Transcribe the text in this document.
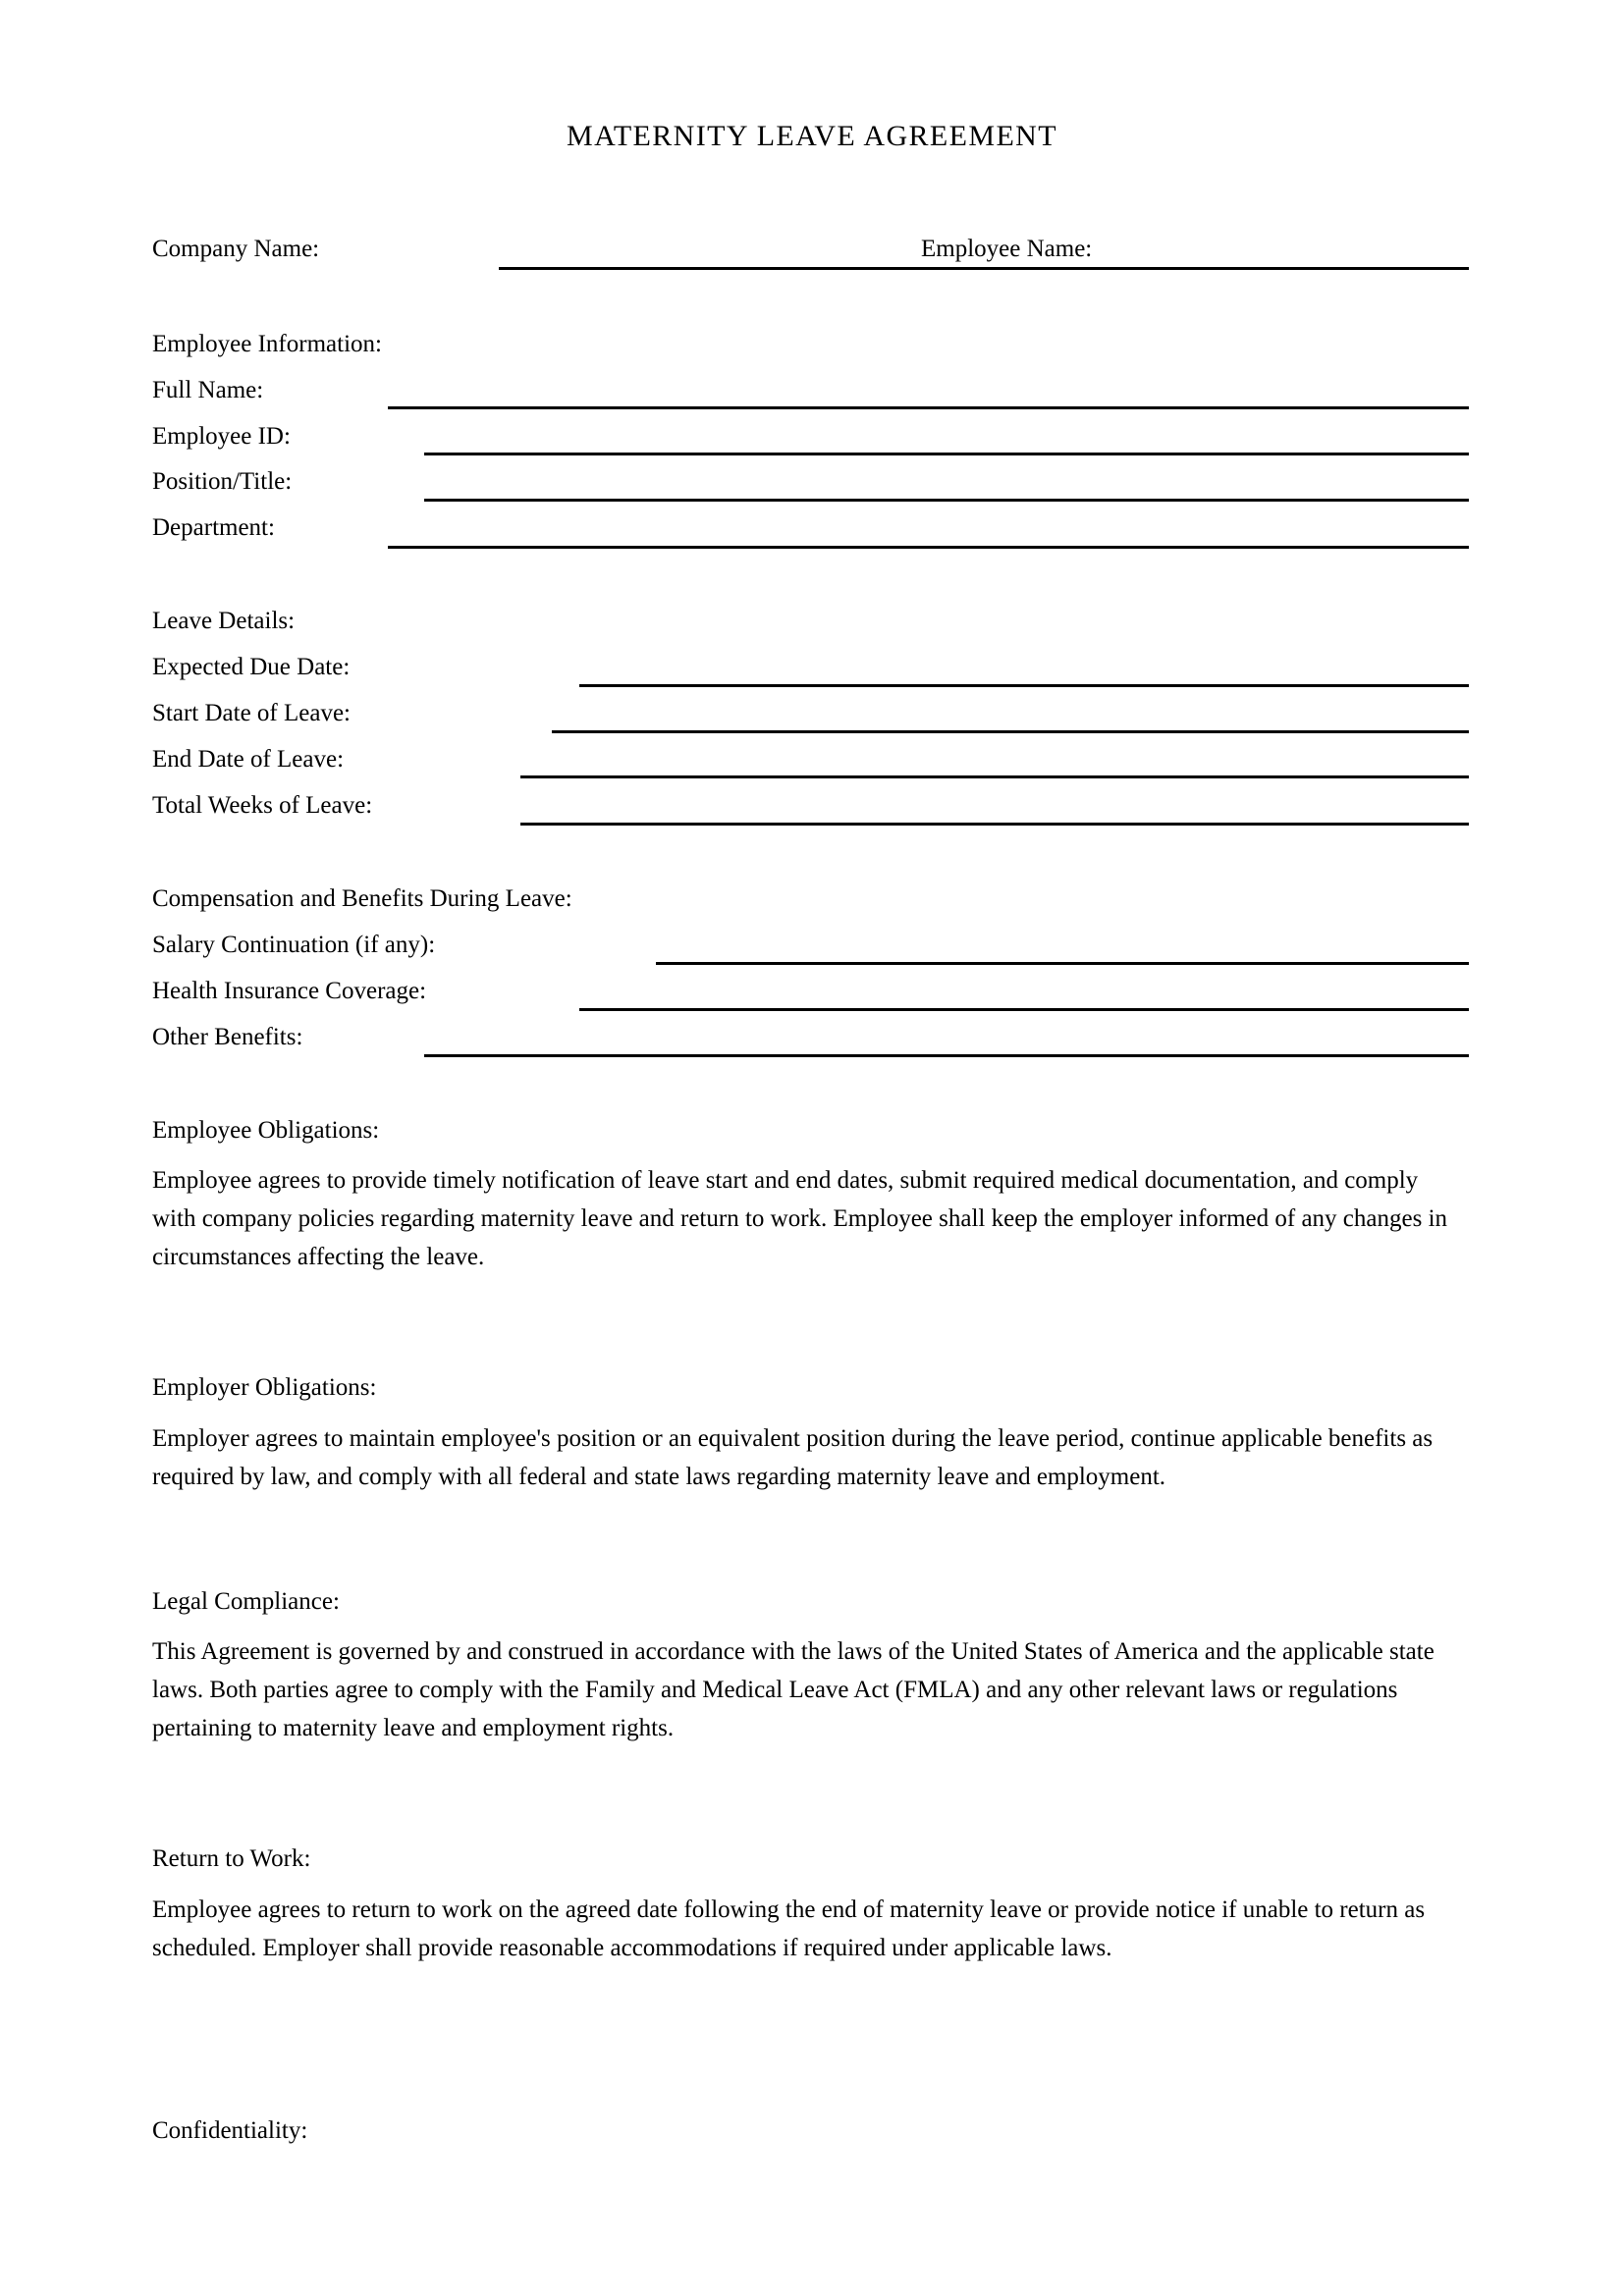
MATERNITY LEAVE AGREEMENT
Company Name:	Employee Name:
Employee Information:
Full Name:
Employee ID:
Position/Title:
Department:
Leave Details:
Expected Due Date:
Start Date of Leave:
End Date of Leave:
Total Weeks of Leave:
Compensation and Benefits During Leave:
Salary Continuation (if any):
Health Insurance Coverage:
Other Benefits:
Employee Obligations:
Employee agrees to provide timely notification of leave start and end dates, submit required medical documentation, and comply with company policies regarding maternity leave and return to work. Employee shall keep the employer informed of any changes in circumstances affecting the leave.
Employer Obligations:
Employer agrees to maintain employee's position or an equivalent position during the leave period, continue applicable benefits as required by law, and comply with all federal and state laws regarding maternity leave and employment.
Legal Compliance:
This Agreement is governed by and construed in accordance with the laws of the United States of America and the applicable state laws. Both parties agree to comply with the Family and Medical Leave Act (FMLA) and any other relevant laws or regulations pertaining to maternity leave and employment rights.
Return to Work:
Employee agrees to return to work on the agreed date following the end of maternity leave or provide notice if unable to return as scheduled. Employer shall provide reasonable accommodations if required under applicable laws.
Confidentiality:
